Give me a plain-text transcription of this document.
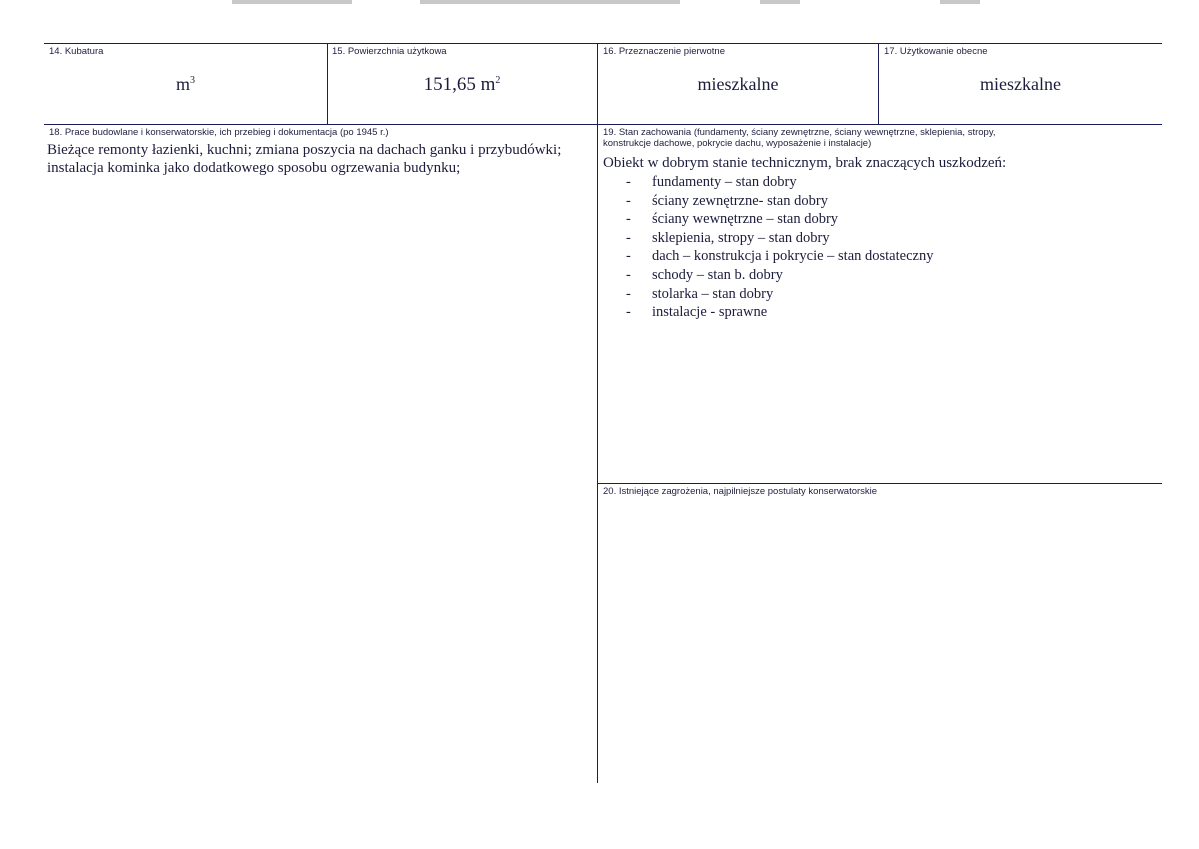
14. Kubatura
$m^3$
15. Powierzchnia użytkowa
151,65 $m^2$
16. Przeznaczenie pierwotne
mieszkalne
17. Użytkowanie obecne
mieszkalne
18. Prace budowlane i konserwatorskie, ich przebieg i dokumentacja (po 1945 r.)
Bieżące remonty łazienki, kuchni; zmiana poszycia na dachach ganku i przybudówki;
instalacja kominka jako dodatkowego sposobu ogrzewania budynku;
19. Stan zachowania (fundamenty, ściany zewnętrzne, ściany wewnętrzne, sklepienia, stropy,
konstrukcje dachowe, pokrycie dachu, wyposażenie i instalacje)
Obiekt w dobrym stanie technicznym, brak znaczących uszkodzeń:
-	fundamenty – stan dobry
-	ściany zewnętrzne- stan dobry
-	ściany wewnętrzne – stan dobry
-	sklepienia, stropy – stan dobry
-	dach – konstrukcja i pokrycie – stan dostateczny
-	schody – stan b. dobry
-	stolarka – stan dobry
-	instalacje - sprawne
20. Istniejące zagrożenia, najpilniejsze postulaty konserwatorskie
